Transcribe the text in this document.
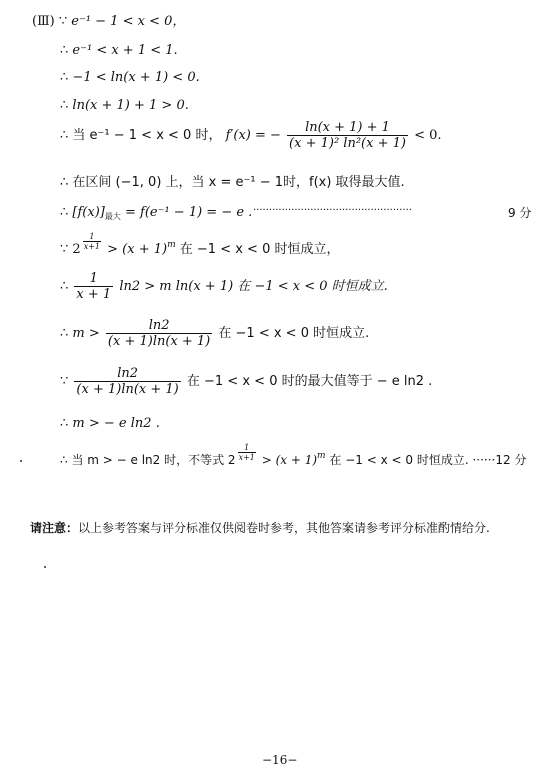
(Ⅲ) ∵ e⁻¹ − 1 < x < 0，
∴ e⁻¹ < x + 1 < 1.
∴ −1 < ln(x + 1) < 0.
∴ ln(x + 1) + 1 > 0.
∴ 当 e⁻¹ − 1 < x < 0 时， f′(x) = − $\frac{\ln(x + 1) + 1}{\text{(x + 1)² ln²(x + 1)}} < 0$.
∴ 在区间 (−1, 0) 上，当 x = e⁻¹ − 1时，f(x) 取得最大值.
∴ $[f(x)]_{最大} = f(e^{-1} - 1)$ = − e . ··················································	9 分
∵ $2 \frac{1}{x+1} > (x + 1)^m$ 在 −1 < x < 0 时恒成立，
∴ $\frac{1}{x + 1} \ln 2 > m$ ln(x + 1) 在 −1 < x < 0 时恒成立.
∴ $m > \frac{\ln 2}{(x + 1)\ln(x + 1)}$ 在 −1 < x < 0 时恒成立.
∵ $\frac{\ln 2}{(x + 1)\ln(x + 1)}$ 在 −1 < x < 0 时的最大值等于 − e ln2 .
∴ m > − e ln2 .
∴ 当 m > − e ln2 时，不等式 $2 \frac{1}{x+1} > (x + 1)^m$ 在 −1 < x < 0 时恒成立. ······12 分
请注意：以上参考答案与评分标准仅供阅卷时参考，其他答案请参考评分标准酌情给分.
−16−
